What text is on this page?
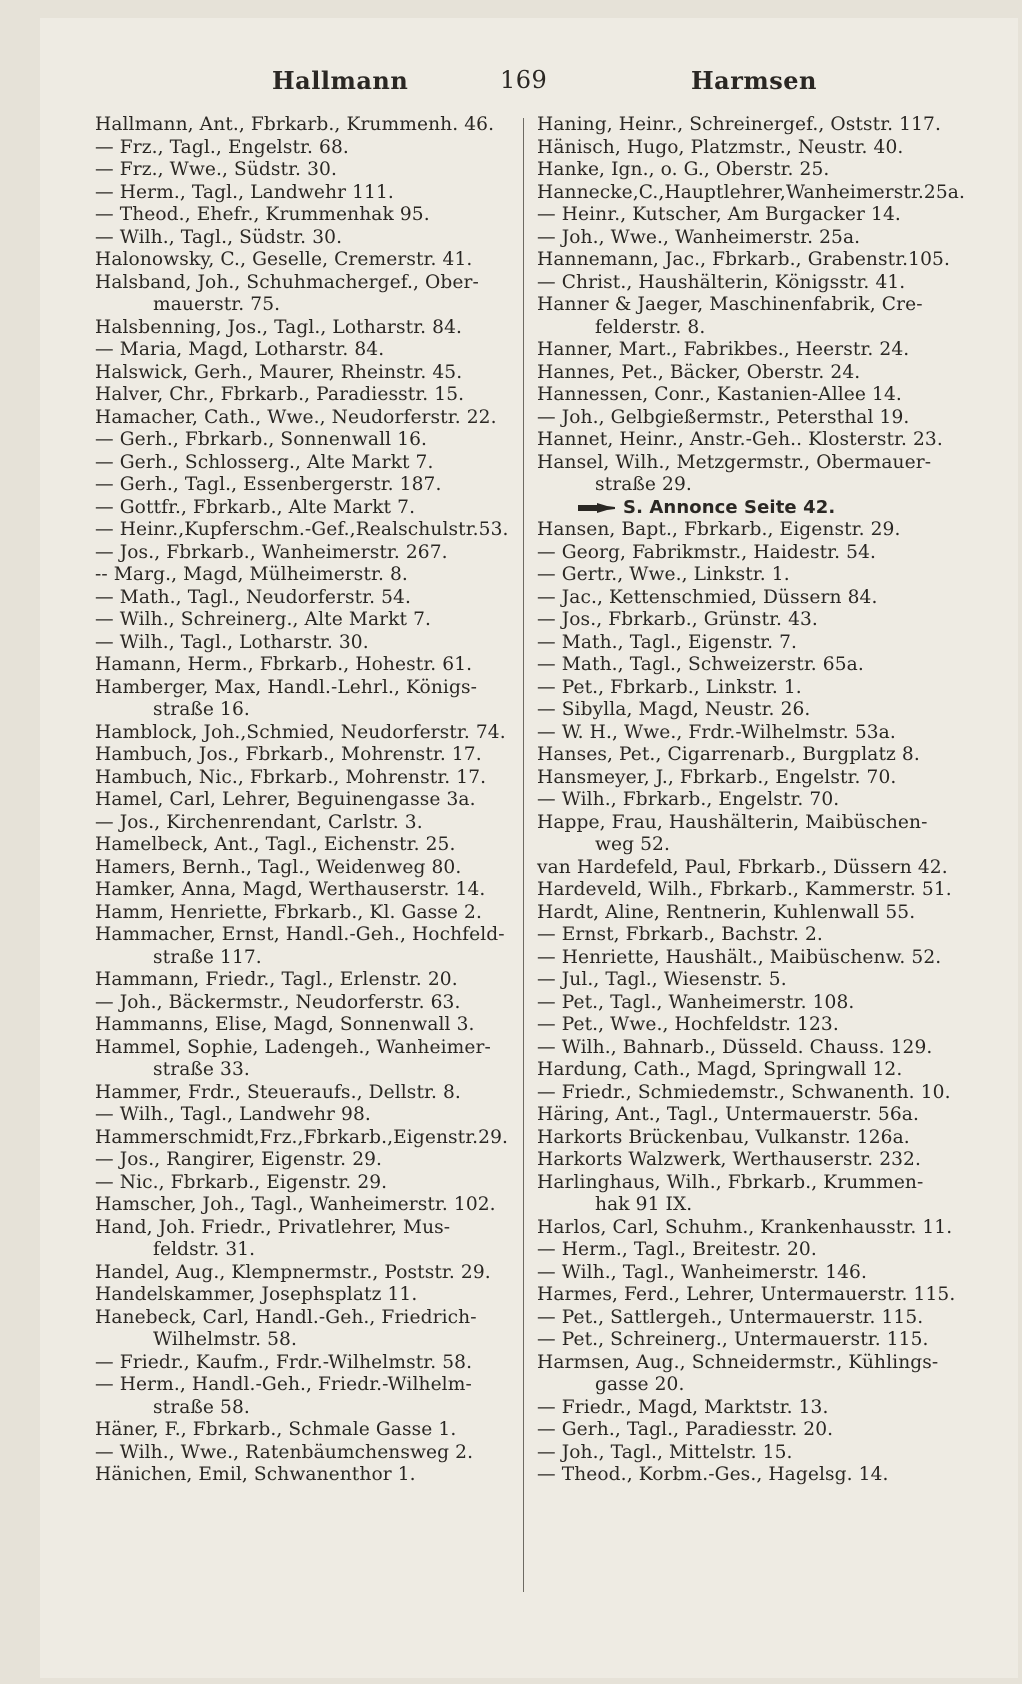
Hallmann	169	Harmsen
Hallmann, Ant., Fbrkarb., Krummenh. 46.
— Frz., Tagl., Engelstr. 68.
— Frz., Wwe., Südstr. 30.
— Herm., Tagl., Landwehr 111.
— Theod., Ehefr., Krummenhak 95.
— Wilh., Tagl., Südstr. 30.
Halonowsky, C., Geselle, Cremerstr. 41.
Halsband, Joh., Schuhmachergef., Ober-
mauerstr. 75.
Halsbenning, Jos., Tagl., Lotharstr. 84.
— Maria, Magd, Lotharstr. 84.
Halswick, Gerh., Maurer, Rheinstr. 45.
Halver, Chr., Fbrkarb., Paradiesstr. 15.
Hamacher, Cath., Wwe., Neudorferstr. 22.
— Gerh., Fbrkarb., Sonnenwall 16.
— Gerh., Schlosserg., Alte Markt 7.
— Gerh., Tagl., Essenbergerstr. 187.
— Gottfr., Fbrkarb., Alte Markt 7.
— Heinr.,Kupferschm.-Gef.,Realschulstr.53.
— Jos., Fbrkarb., Wanheimerstr. 267.
-- Marg., Magd, Mülheimerstr. 8.
— Math., Tagl., Neudorferstr. 54.
— Wilh., Schreinerg., Alte Markt 7.
— Wilh., Tagl., Lotharstr. 30.
Hamann, Herm., Fbrkarb., Hohestr. 61.
Hamberger, Max, Handl.-Lehrl., Königs-
straße 16.
Hamblock, Joh.,Schmied, Neudorferstr. 74.
Hambuch, Jos., Fbrkarb., Mohrenstr. 17.
Hambuch, Nic., Fbrkarb., Mohrenstr. 17.
Hamel, Carl, Lehrer, Beguinengasse 3a.
— Jos., Kirchenrendant, Carlstr. 3.
Hamelbeck, Ant., Tagl., Eichenstr. 25.
Hamers, Bernh., Tagl., Weidenweg 80.
Hamker, Anna, Magd, Werthauserstr. 14.
Hamm, Henriette, Fbrkarb., Kl. Gasse 2.
Hammacher, Ernst, Handl.-Geh., Hochfeld-
straße 117.
Hammann, Friedr., Tagl., Erlenstr. 20.
— Joh., Bäckermstr., Neudorferstr. 63.
Hammanns, Elise, Magd, Sonnenwall 3.
Hammel, Sophie, Ladengeh., Wanheimer-
straße 33.
Hammer, Frdr., Steueraufs., Dellstr. 8.
— Wilh., Tagl., Landwehr 98.
Hammerschmidt,Frz.,Fbrkarb.,Eigenstr.29.
— Jos., Rangirer, Eigenstr. 29.
— Nic., Fbrkarb., Eigenstr. 29.
Hamscher, Joh., Tagl., Wanheimerstr. 102.
Hand, Joh. Friedr., Privatlehrer, Mus-
feldstr. 31.
Handel, Aug., Klempnermstr., Poststr. 29.
Handelskammer, Josephsplatz 11.
Hanebeck, Carl, Handl.-Geh., Friedrich-
Wilhelmstr. 58.
— Friedr., Kaufm., Frdr.-Wilhelmstr. 58.
— Herm., Handl.-Geh., Friedr.-Wilhelm-
straße 58.
Häner, F., Fbrkarb., Schmale Gasse 1.
— Wilh., Wwe., Ratenbäumchensweg 2.
Hänichen, Emil, Schwanenthor 1.
Haning, Heinr., Schreinergef., Oststr. 117.
Hänisch, Hugo, Platzmstr., Neustr. 40.
Hanke, Ign., o. G., Oberstr. 25.
Hannecke,C.,Hauptlehrer,Wanheimerstr.25a.
— Heinr., Kutscher, Am Burgacker 14.
— Joh., Wwe., Wanheimerstr. 25a.
Hannemann, Jac., Fbrkarb., Grabenstr.105.
— Christ., Haushälterin, Königsstr. 41.
Hanner & Jaeger, Maschinenfabrik, Cre-
felderstr. 8.
Hanner, Mart., Fabrikbes., Heerstr. 24.
Hannes, Pet., Bäcker, Oberstr. 24.
Hannessen, Conr., Kastanien-Allee 14.
— Joh., Gelbgießermstr., Petersthal 19.
Hannet, Heinr., Anstr.-Geh.. Klosterstr. 23.
Hansel, Wilh., Metzgermstr., Obermauer-
straße 29.
S. Annonce Seite 42.
Hansen, Bapt., Fbrkarb., Eigenstr. 29.
— Georg, Fabrikmstr., Haidestr. 54.
— Gertr., Wwe., Linkstr. 1.
— Jac., Kettenschmied, Düssern 84.
— Jos., Fbrkarb., Grünstr. 43.
— Math., Tagl., Eigenstr. 7.
— Math., Tagl., Schweizerstr. 65a.
— Pet., Fbrkarb., Linkstr. 1.
— Sibylla, Magd, Neustr. 26.
— W. H., Wwe., Frdr.-Wilhelmstr. 53a.
Hanses, Pet., Cigarrenarb., Burgplatz 8.
Hansmeyer, J., Fbrkarb., Engelstr. 70.
— Wilh., Fbrkarb., Engelstr. 70.
Happe, Frau, Haushälterin, Maibüschen-
weg 52.
van Hardefeld, Paul, Fbrkarb., Düssern 42.
Hardeveld, Wilh., Fbrkarb., Kammerstr. 51.
Hardt, Aline, Rentnerin, Kuhlenwall 55.
— Ernst, Fbrkarb., Bachstr. 2.
— Henriette, Haushält., Maibüschenw. 52.
— Jul., Tagl., Wiesenstr. 5.
— Pet., Tagl., Wanheimerstr. 108.
— Pet., Wwe., Hochfeldstr. 123.
— Wilh., Bahnarb., Düsseld. Chauss. 129.
Hardung, Cath., Magd, Springwall 12.
— Friedr., Schmiedemstr., Schwanenth. 10.
Häring, Ant., Tagl., Untermauerstr. 56a.
Harkorts Brückenbau, Vulkanstr. 126a.
Harkorts Walzwerk, Werthauserstr. 232.
Harlinghaus, Wilh., Fbrkarb., Krummen-
hak 91 IX.
Harlos, Carl, Schuhm., Krankenhausstr. 11.
— Herm., Tagl., Breitestr. 20.
— Wilh., Tagl., Wanheimerstr. 146.
Harmes, Ferd., Lehrer, Untermauerstr. 115.
— Pet., Sattlergeh., Untermauerstr. 115.
— Pet., Schreinerg., Untermauerstr. 115.
Harmsen, Aug., Schneidermstr., Kühlings-
gasse 20.
— Friedr., Magd, Marktstr. 13.
— Gerh., Tagl., Paradiesstr. 20.
— Joh., Tagl., Mittelstr. 15.
— Theod., Korbm.-Ges., Hagelsg. 14.
